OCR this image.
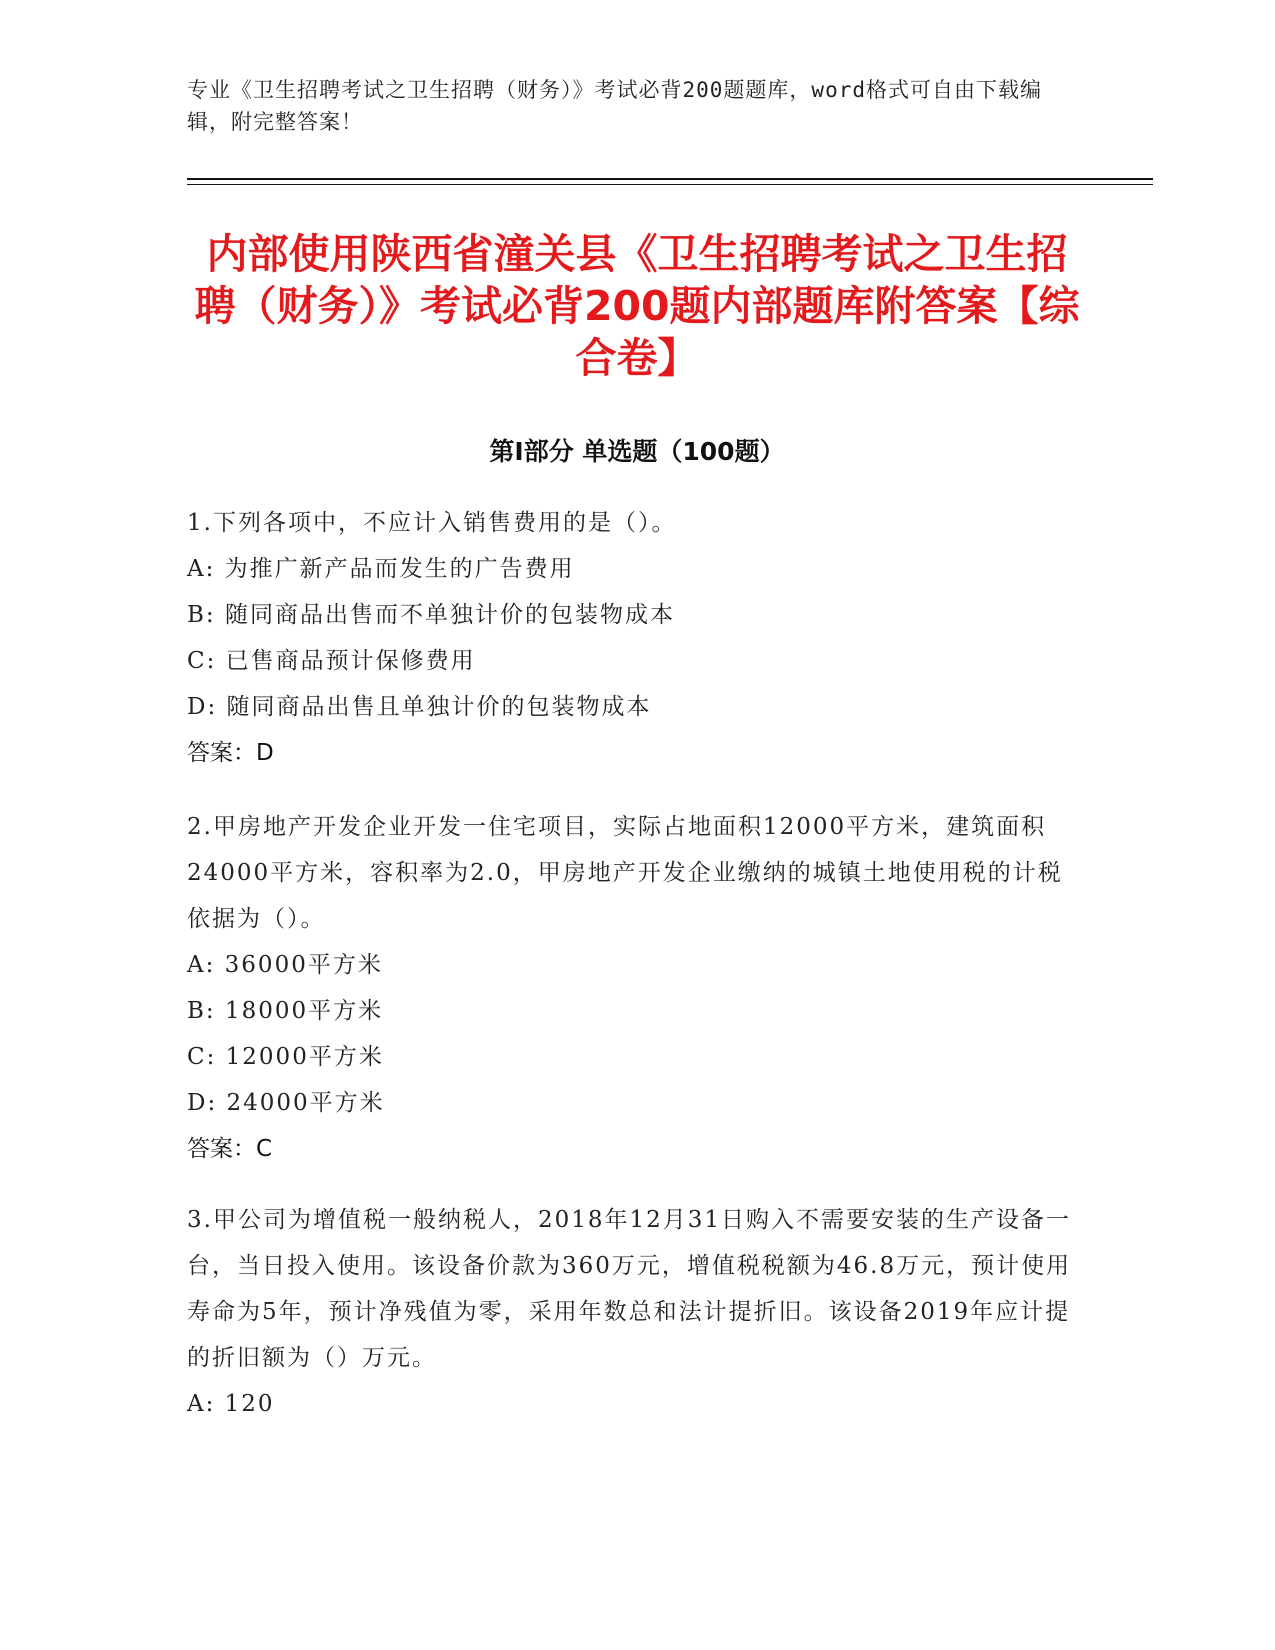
专业《卫生招聘考试之卫生招聘（财务）》考试必背200题题库，word格式可自由下载编辑，附完整答案！
内部使用陕西省潼关县《卫生招聘考试之卫生招聘（财务）》考试必背200题内部题库附答案【综合卷】
第I部分 单选题（100题）
1.下列各项中，不应计入销售费用的是（）。
A: 为推广新产品而发生的广告费用
B: 随同商品出售而不单独计价的包装物成本
C: 已售商品预计保修费用
D: 随同商品出售且单独计价的包装物成本
答案：D
2.甲房地产开发企业开发一住宅项目，实际占地面积12000平方米，建筑面积24000平方米，容积率为2.0，甲房地产开发企业缴纳的城镇土地使用税的计税依据为（）。
A: 36000平方米
B: 18000平方米
C: 12000平方米
D: 24000平方米
答案：C
3.甲公司为增值税一般纳税人，2018年12月31日购入不需要安装的生产设备一台，当日投入使用。该设备价款为360万元，增值税税额为46.8万元，预计使用寿命为5年，预计净残值为零，采用年数总和法计提折旧。该设备2019年应计提的折旧额为（）万元。
A: 120
